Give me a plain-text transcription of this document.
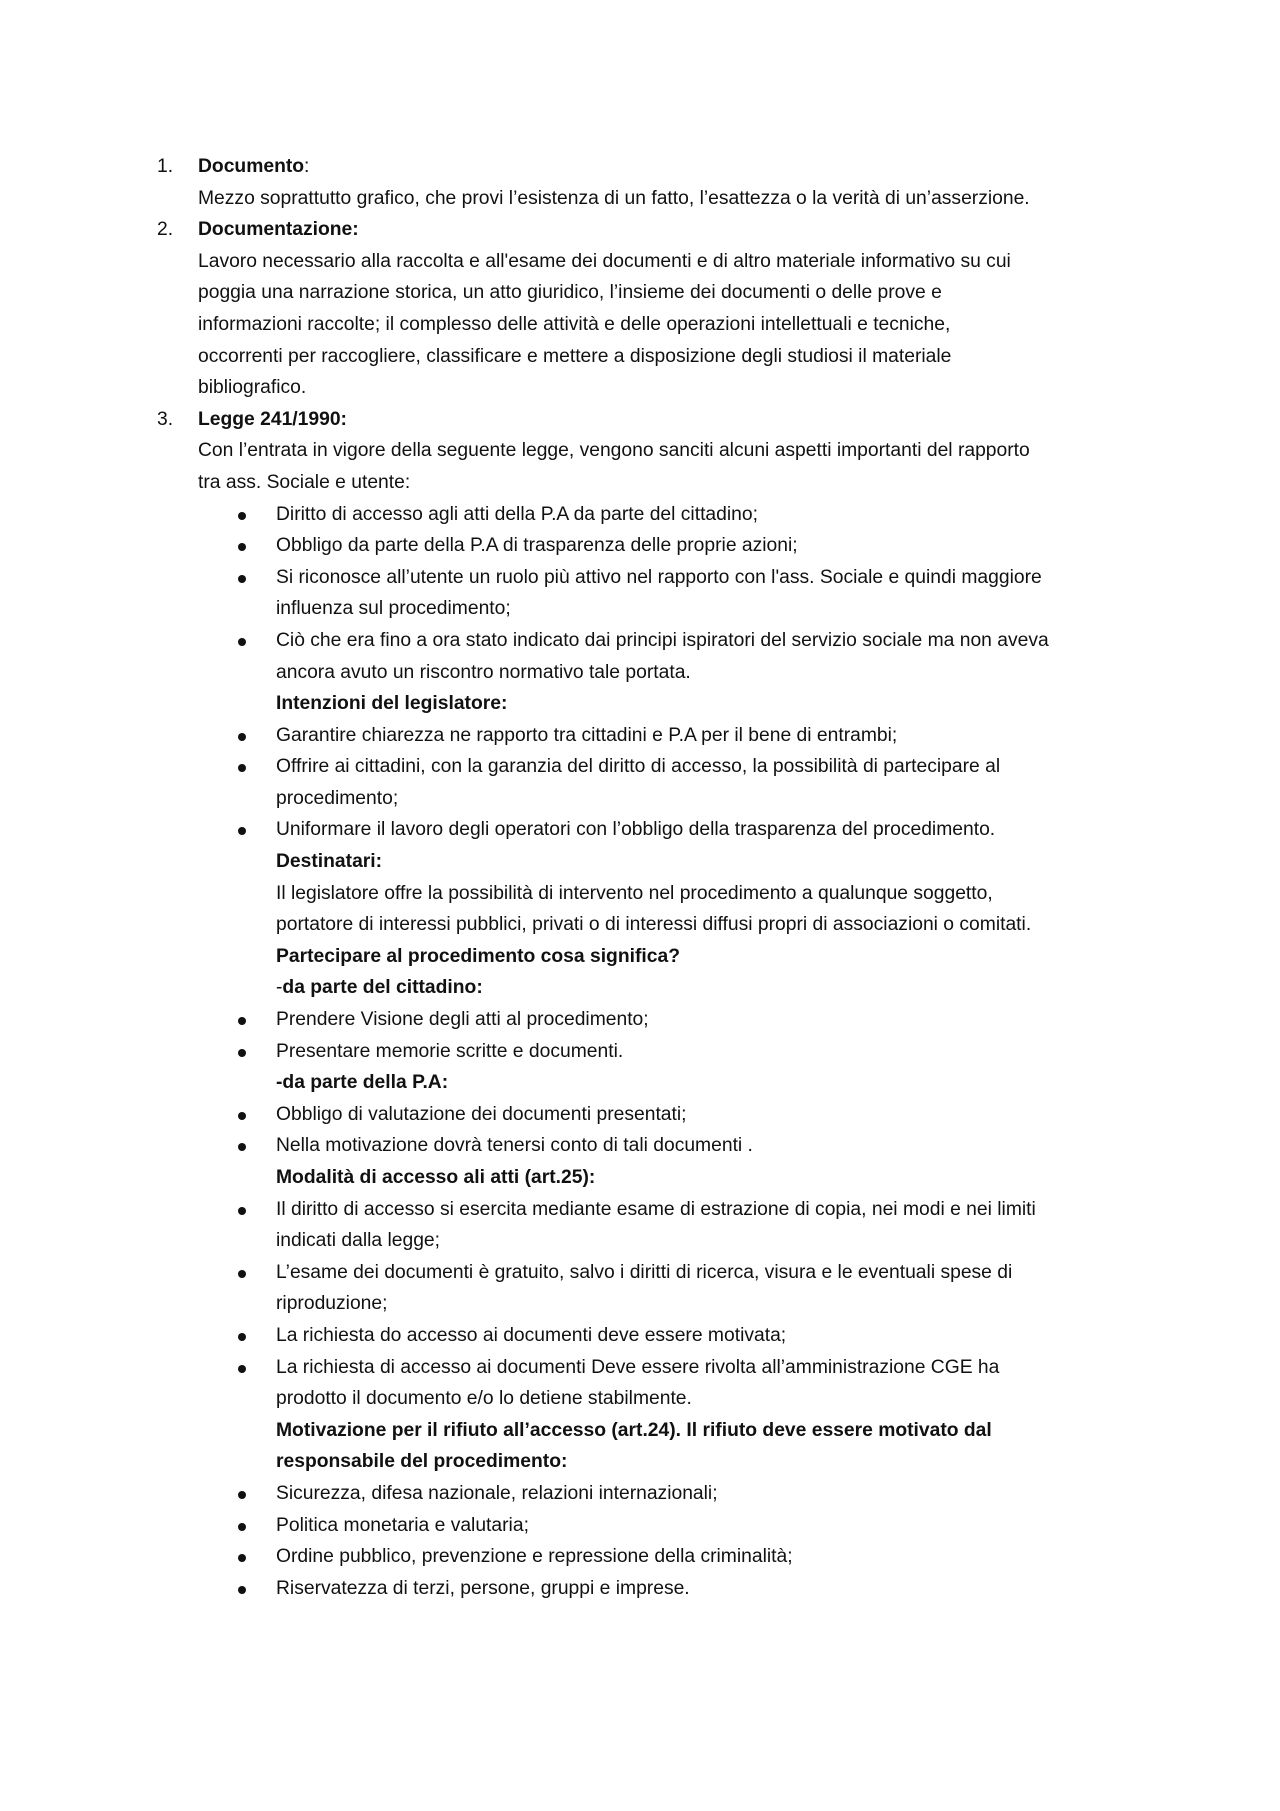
1. Documento:
Mezzo soprattutto grafico, che provi l’esistenza di un fatto, l’esattezza o la verità di un’asserzione.
2. Documentazione:
Lavoro necessario alla raccolta e all'esame dei documenti e di altro materiale informativo su cui
poggia una narrazione storica, un atto giuridico, l’insieme dei documenti o delle prove e
informazioni raccolte; il complesso delle attività e delle operazioni intellettuali e tecniche,
occorrenti per raccogliere, classificare e mettere a disposizione degli studiosi il materiale
bibliografico.
3. Legge 241/1990:
Con l’entrata in vigore della seguente legge, vengono sanciti alcuni aspetti importanti del rapporto
tra ass. Sociale e utente:
Diritto di accesso agli atti della P.A da parte del cittadino;
Obbligo da parte della P.A di trasparenza delle proprie azioni;
Si riconosce all’utente un ruolo più attivo nel rapporto con l'ass. Sociale e quindi maggiore
influenza sul procedimento;
Ciò che era fino a ora stato indicato dai principi ispiratori del servizio sociale ma non aveva
ancora avuto un riscontro normativo tale portata.
Intenzioni del legislatore:
Garantire chiarezza ne rapporto tra cittadini e P.A per il bene di entrambi;
Offrire ai cittadini, con la garanzia del diritto di accesso, la possibilità di partecipare al
procedimento;
Uniformare il lavoro degli operatori con l’obbligo della trasparenza del procedimento.
Destinatari:
Il legislatore offre la possibilità di intervento nel procedimento a qualunque soggetto,
portatore di interessi pubblici, privati o di interessi diffusi propri di associazioni o comitati.
Partecipare al procedimento cosa significa?
-da parte del cittadino:
Prendere Visione degli atti al procedimento;
Presentare memorie scritte e documenti.
-da parte della P.A:
Obbligo di valutazione dei documenti presentati;
Nella motivazione dovrà tenersi conto di tali documenti .
Modalità di accesso ali atti (art.25):
Il diritto di accesso si esercita mediante esame di estrazione di copia, nei modi e nei limiti
indicati dalla legge;
L’esame dei documenti è gratuito, salvo i diritti di ricerca, visura e le eventuali spese di
riproduzione;
La richiesta do accesso ai documenti deve essere motivata;
La richiesta di accesso ai documenti Deve essere rivolta all’amministrazione CGE ha
prodotto il documento e/o lo detiene stabilmente.
Motivazione per il rifiuto all’accesso (art.24). Il rifiuto deve essere motivato dal
responsabile del procedimento:
Sicurezza, difesa nazionale, relazioni internazionali;
Politica monetaria e valutaria;
Ordine pubblico, prevenzione e repressione della criminalità;
Riservatezza di terzi, persone, gruppi e imprese.
